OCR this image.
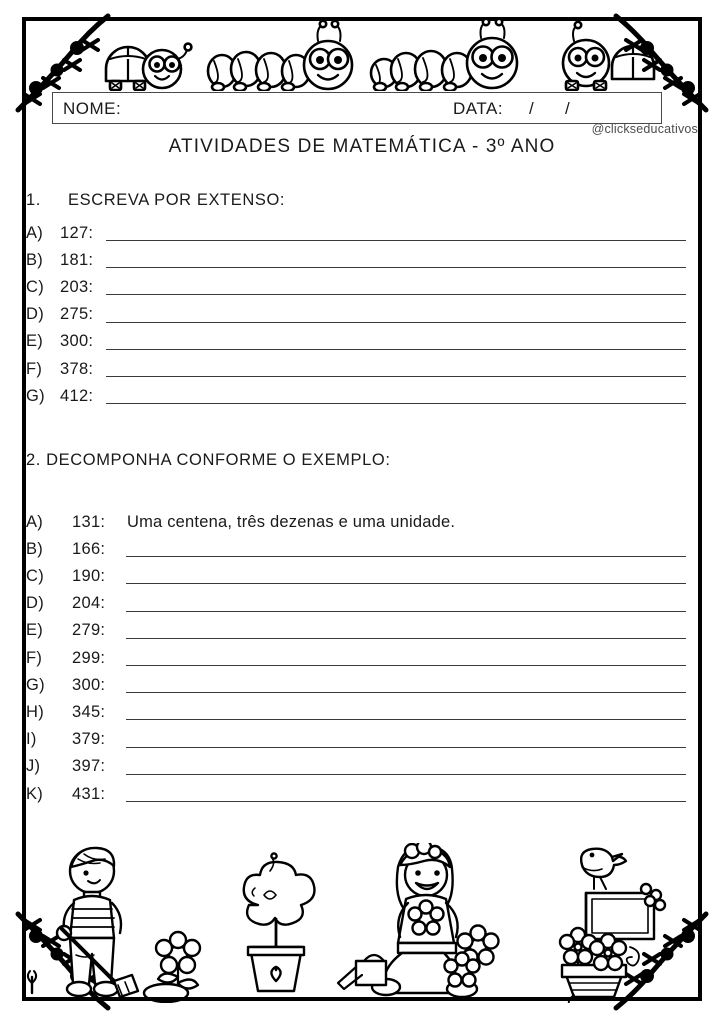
NOME:	DATA: / /
@clickseducativos
ATIVIDADES DE MATEMÁTICA - 3º ANO
1. ESCREVA POR EXTENSO:
A)	127:
B)	181:
C) 203:
D) 275:
E)	300:
F)	378:
G) 412:
2. DECOMPONHA CONFORME O EXEMPLO:
A)	131:	Uma centena, três dezenas e uma unidade.
B)	166:
C)	190:
D)	204:
E)	279:
F)	299:
G)	300:
H)	345:
I)	379:
J)	397:
K)	431:
